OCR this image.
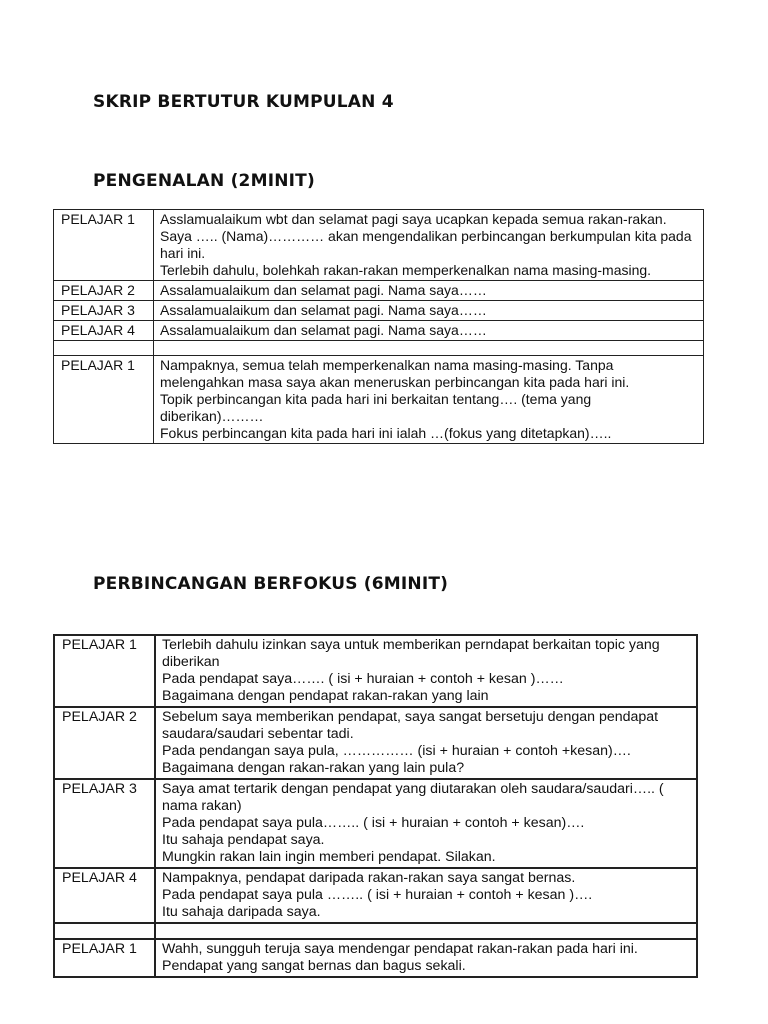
SKRIP BERTUTUR KUMPULAN 4
PENGENALAN (2MINIT)
PELAJAR 1	Asslamualaikum wbt dan selamat pagi saya ucapkan kepada semua rakan-rakan.
Saya ….. (Nama)………… akan mengendalikan perbincangan berkumpulan kita pada hari ini.
Terlebih dahulu, bolehkah rakan-rakan memperkenalkan nama masing-masing.

PELAJAR 2	Assalamualaikum dan selamat pagi. Nama saya……

PELAJAR 3	Assalamualaikum dan selamat pagi. Nama saya……

PELAJAR 4	Assalamualaikum dan selamat pagi. Nama saya……

PELAJAR 1	Nampaknya, semua telah memperkenalkan nama masing-masing. Tanpa melengahkan masa saya akan meneruskan perbincangan kita pada hari ini.
Topik perbincangan kita pada hari ini berkaitan tentang…. (tema yang diberikan)………
Fokus perbincangan kita pada hari ini ialah …(fokus yang ditetapkan)…..
PERBINCANGAN BERFOKUS (6MINIT)
PELAJAR 1	Terlebih dahulu izinkan saya untuk memberikan perndapat berkaitan topic yang diberikan
Pada pendapat saya……. ( isi + huraian + contoh + kesan )……
Bagaimana dengan pendapat rakan-rakan yang lain

PELAJAR 2	Sebelum saya memberikan pendapat, saya sangat bersetuju dengan pendapat saudara/saudari sebentar tadi.
Pada pendangan saya pula, …………… (isi + huraian + contoh +kesan)….
Bagaimana dengan rakan-rakan yang lain pula?

PELAJAR 3	Saya amat tertarik dengan pendapat yang diutarakan oleh saudara/saudari….. ( nama rakan)
Pada pendapat saya pula…….. ( isi + huraian + contoh + kesan)….
Itu sahaja pendapat saya.
Mungkin rakan lain ingin memberi pendapat. Silakan.

PELAJAR 4	Nampaknya, pendapat daripada rakan-rakan saya sangat bernas.
Pada pendapat saya pula …….. ( isi + huraian + contoh + kesan )….
Itu sahaja daripada saya.

PELAJAR 1	Wahh, sungguh teruja saya mendengar pendapat rakan-rakan pada hari ini.
Pendapat yang sangat bernas dan bagus sekali.
